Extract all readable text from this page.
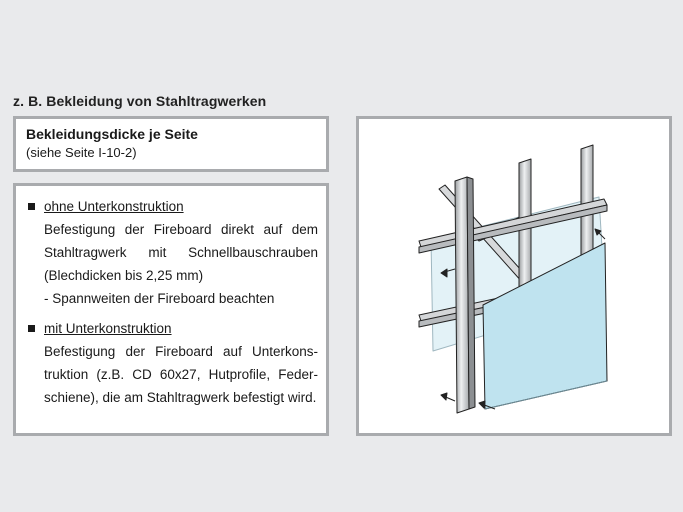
z. B. Bekleidung von Stahltragwerken
Bekleidungsdicke je Seite
(siehe Seite I-10-2)
ohne Unterkonstruktion
Befestigung der Fireboard direkt auf dem Stahltragwerk mit Schnellbauschrauben (Blechdicken bis 2,25 mm)
- Spannweiten der Fireboard beachten
mit Unterkonstruktion
Befestigung der Fireboard auf Unterkonstruktion (z.B. CD 60x27, Hutprofile, Federschiene), die am Stahltragwerk befestigt wird.
